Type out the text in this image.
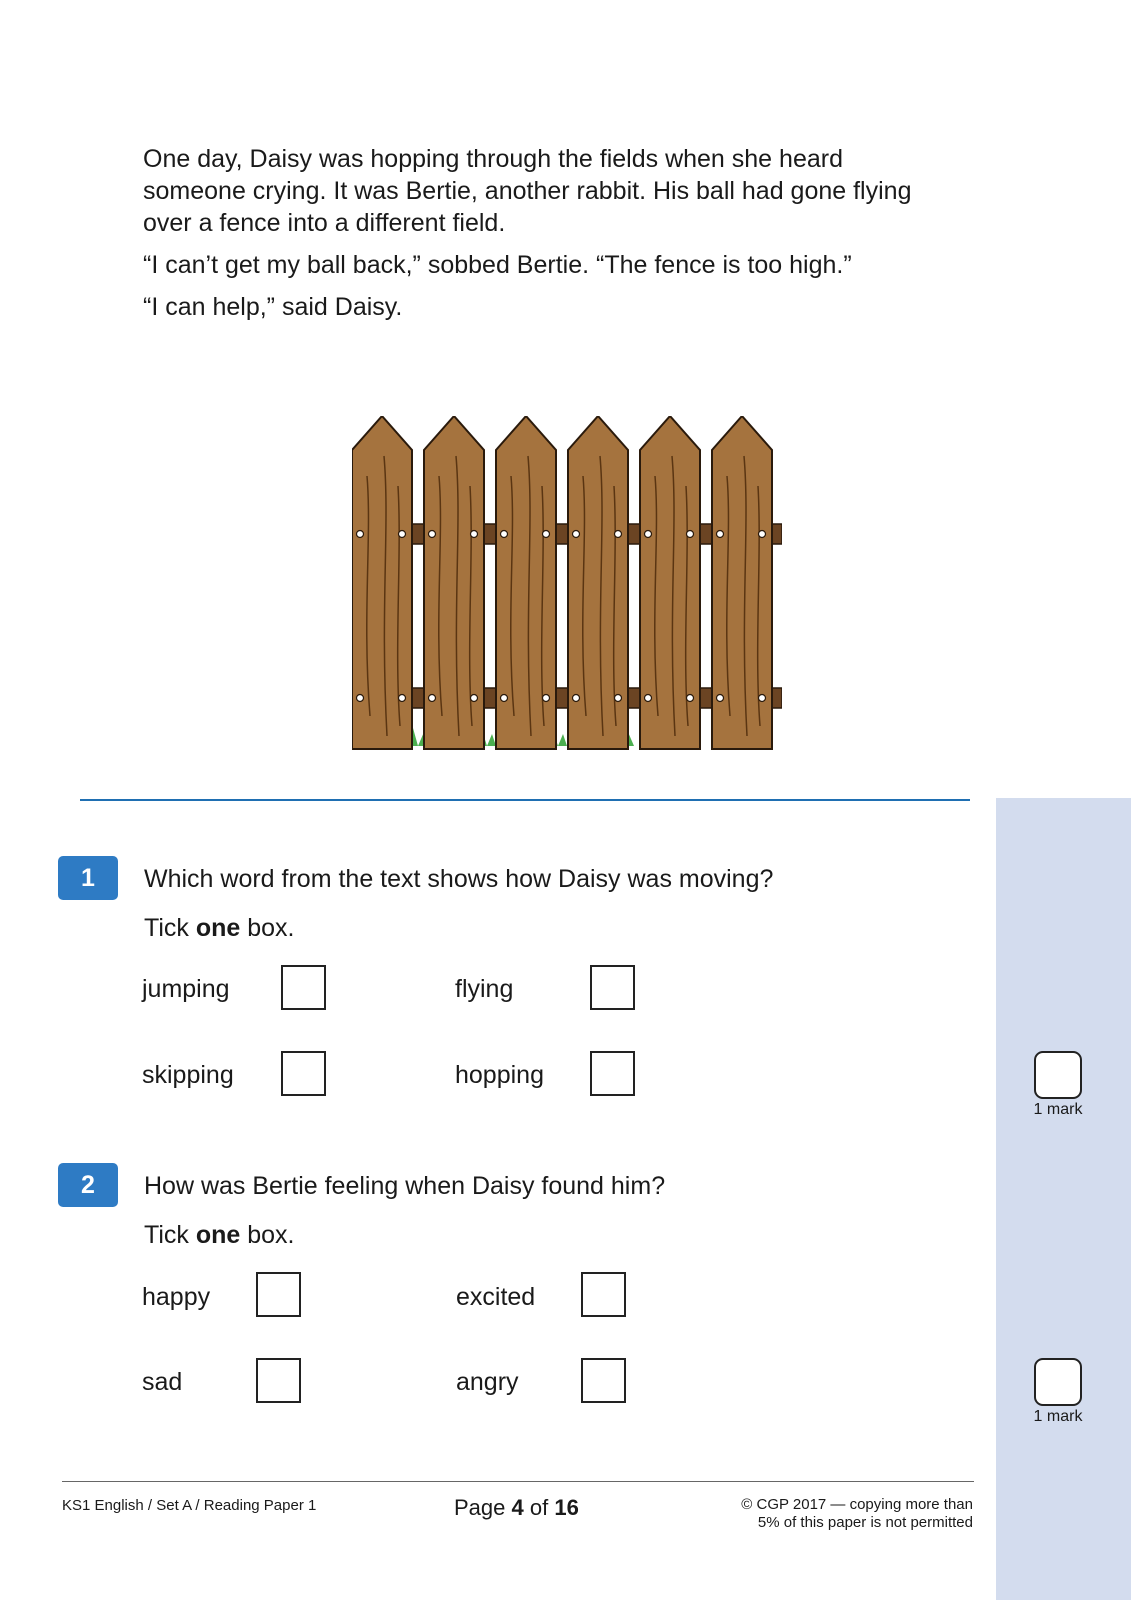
One day, Daisy was hopping through the fields when she heard someone crying. It was Bertie, another rabbit. His ball had gone flying over a fence into a different field.

“I can’t get my ball back,” sobbed Bertie. “The fence is too high.”

“I can help,” said Daisy.

1	Which word from the text shows how Daisy was moving?
Tick one box.
jumping	flying
skipping	hopping
1 mark
2	How was Bertie feeling when Daisy found him?
Tick one box.
happy	excited
sad	angry
1 mark
KS1 English / Set A / Reading Paper 1	Page 4 of 16	© CGP 2017 — copying more than
5% of this paper is not permitted
